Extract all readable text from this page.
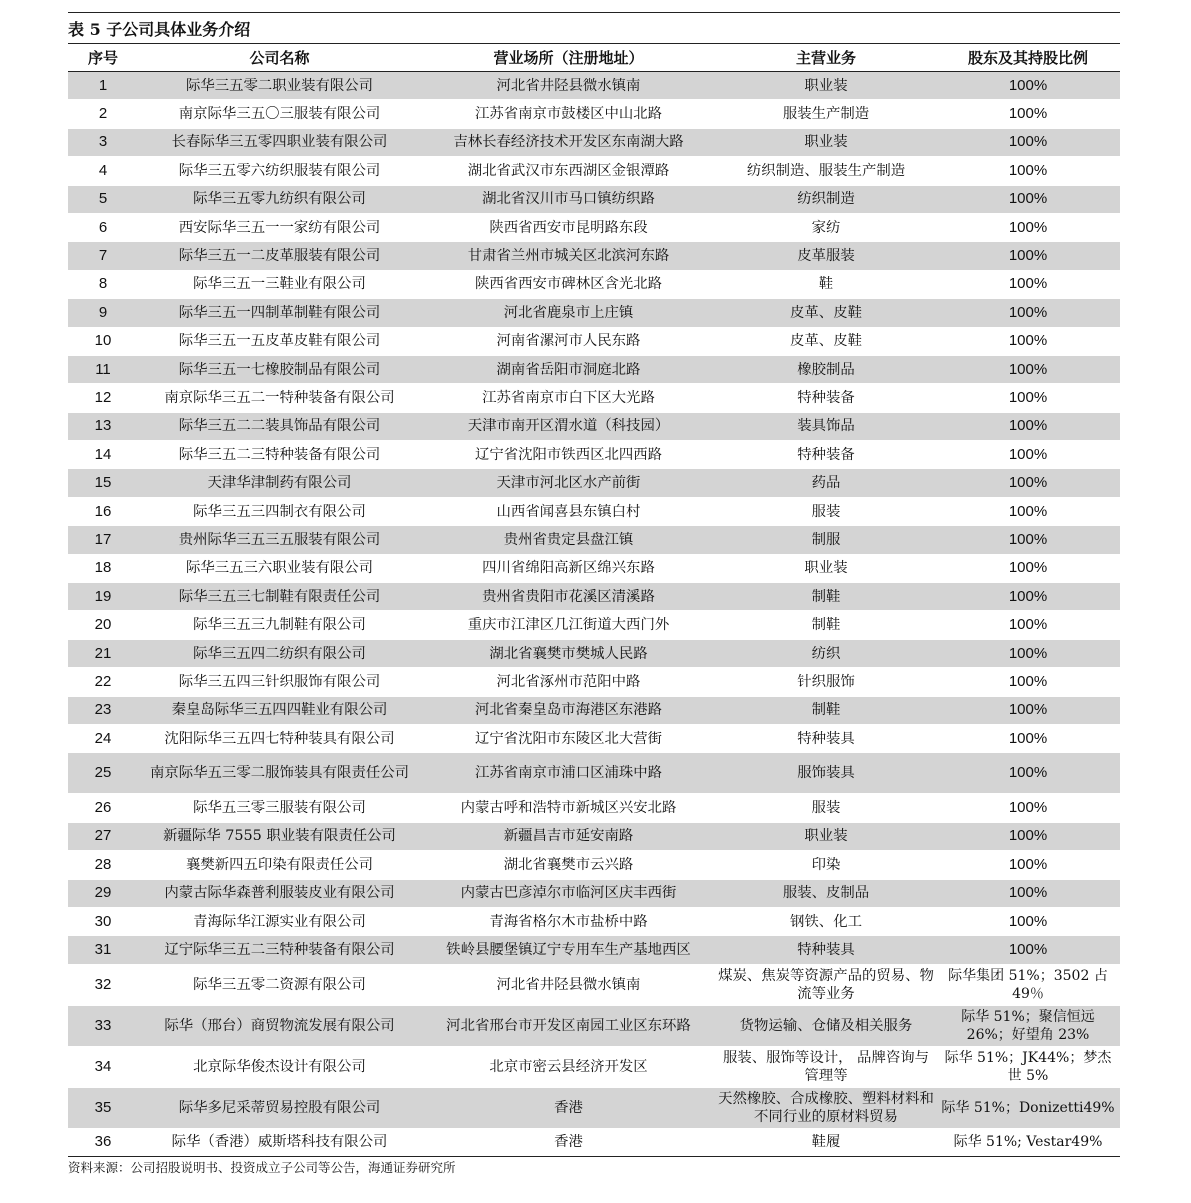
表 5 子公司具体业务介绍
序号	公司名称	营业场所（注册地址）	主营业务	股东及其持股比例
1	际华三五零二职业装有限公司	河北省井陉县微水镇南	职业装	100%
2	南京际华三五〇三服装有限公司	江苏省南京市鼓楼区中山北路	服装生产制造	100%
3	长春际华三五零四职业装有限公司	吉林长春经济技术开发区东南湖大路	职业装	100%
4	际华三五零六纺织服装有限公司	湖北省武汉市东西湖区金银潭路	纺织制造、服装生产制造	100%
5	际华三五零九纺织有限公司	湖北省汉川市马口镇纺织路	纺织制造	100%
6	西安际华三五一一家纺有限公司	陕西省西安市昆明路东段	家纺	100%
7	际华三五一二皮革服装有限公司	甘肃省兰州市城关区北滨河东路	皮革服装	100%
8	际华三五一三鞋业有限公司	陕西省西安市碑林区含光北路	鞋	100%
9	际华三五一四制革制鞋有限公司	河北省鹿泉市上庄镇	皮革、皮鞋	100%
10	际华三五一五皮革皮鞋有限公司	河南省漯河市人民东路	皮革、皮鞋	100%
11	际华三五一七橡胶制品有限公司	湖南省岳阳市洞庭北路	橡胶制品	100%
12	南京际华三五二一特种装备有限公司	江苏省南京市白下区大光路	特种装备	100%
13	际华三五二二装具饰品有限公司	天津市南开区渭水道（科技园）	装具饰品	100%
14	际华三五二三特种装备有限公司	辽宁省沈阳市铁西区北四西路	特种装备	100%
15	天津华津制药有限公司	天津市河北区水产前街	药品	100%
16	际华三五三四制衣有限公司	山西省闻喜县东镇白村	服装	100%
17	贵州际华三五三五服装有限公司	贵州省贵定县盘江镇	制服	100%
18	际华三五三六职业装有限公司	四川省绵阳高新区绵兴东路	职业装	100%
19	际华三五三七制鞋有限责任公司	贵州省贵阳市花溪区清溪路	制鞋	100%
20	际华三五三九制鞋有限公司	重庆市江津区几江街道大西门外	制鞋	100%
21	际华三五四二纺织有限公司	湖北省襄樊市樊城人民路	纺织	100%
22	际华三五四三针织服饰有限公司	河北省涿州市范阳中路	针织服饰	100%
23	秦皇岛际华三五四四鞋业有限公司	河北省秦皇岛市海港区东港路	制鞋	100%
24	沈阳际华三五四七特种装具有限公司	辽宁省沈阳市东陵区北大营街	特种装具	100%
25	南京际华五三零二服饰装具有限责任公司	江苏省南京市浦口区浦珠中路	服饰装具	100%
26	际华五三零三服装有限公司	内蒙古呼和浩特市新城区兴安北路	服装	100%
27	新疆际华 7555 职业装有限责任公司	新疆昌吉市延安南路	职业装	100%
28	襄樊新四五印染有限责任公司	湖北省襄樊市云兴路	印染	100%
29	内蒙古际华森普利服装皮业有限公司	内蒙古巴彦淖尔市临河区庆丰西街	服装、皮制品	100%
30	青海际华江源实业有限公司	青海省格尔木市盐桥中路	钢铁、化工	100%
31	辽宁际华三五二三特种装备有限公司	铁岭县腰堡镇辽宁专用车生产基地西区	特种装具	100%
32	际华三五零二资源有限公司	河北省井陉县微水镇南	煤炭、焦炭等资源产品的贸易、物流等业务	际华集团 51%；3502 占 49％
33	际华（邢台）商贸物流发展有限公司	河北省邢台市开发区南园工业区东环路	货物运输、仓储及相关服务	际华 51%；聚信恒远 26%；好望角 23%
34	北京际华俊杰设计有限公司	北京市密云县经济开发区	服装、服饰等设计， 品牌咨询与管理等	际华 51%；JK44%；梦杰世 5%
35	际华多尼采蒂贸易控股有限公司	香港	天然橡胶、合成橡胶、塑料材料和不同行业的原材料贸易	际华 51%；Donizetti49%
36	际华（香港）威斯塔科技有限公司	香港	鞋履	际华 51%; Vestar49%
资料来源：公司招股说明书、投资成立子公司等公告，海通证券研究所
